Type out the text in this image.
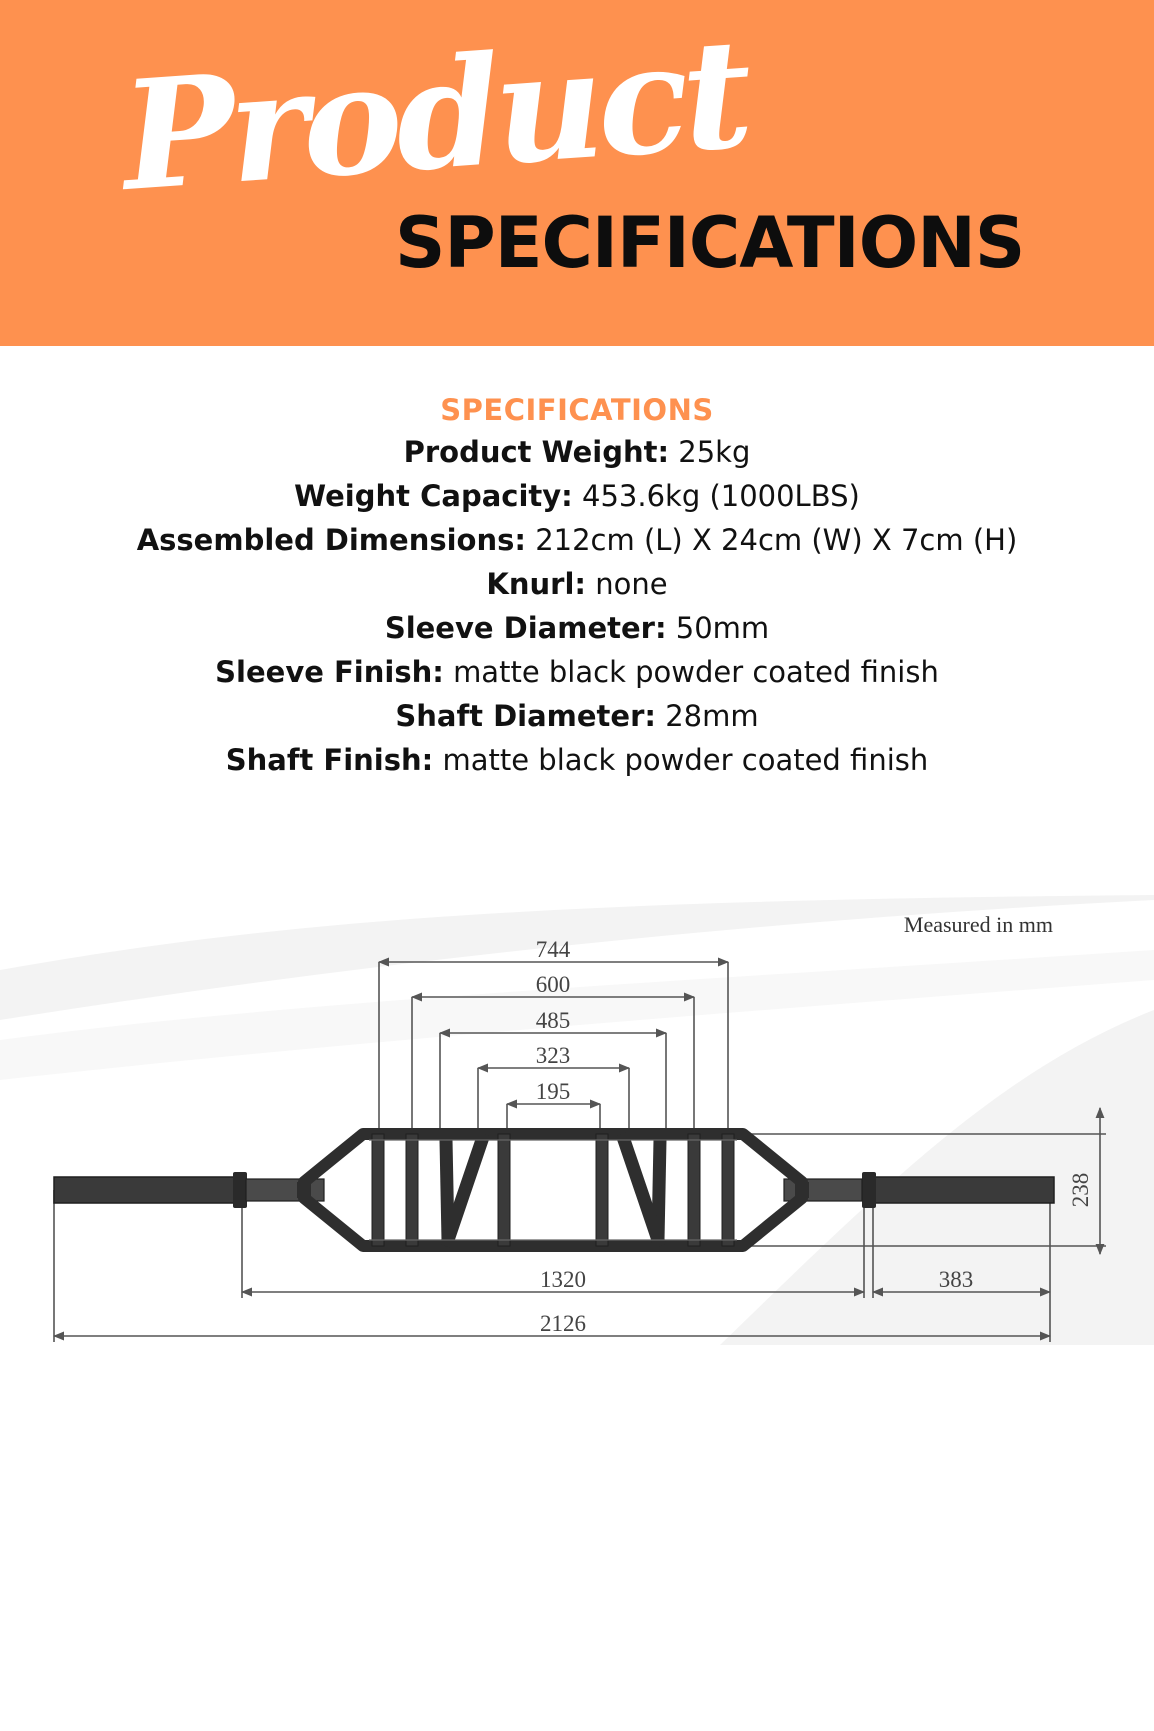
Product
SPECIFICATIONS
SPECIFICATIONS
Product Weight: 25kg
Weight Capacity: 453.6kg (1000LBS)
Assembled Dimensions: 212cm (L) X 24cm (W) X 7cm (H)
Knurl: none
Sleeve Diameter: 50mm
Sleeve Finish: matte black powder coated finish
Shaft Diameter: 28mm
Shaft Finish: matte black powder coated finish
Measured in mm
744
600
485
323
195
1320	383
2126
238
